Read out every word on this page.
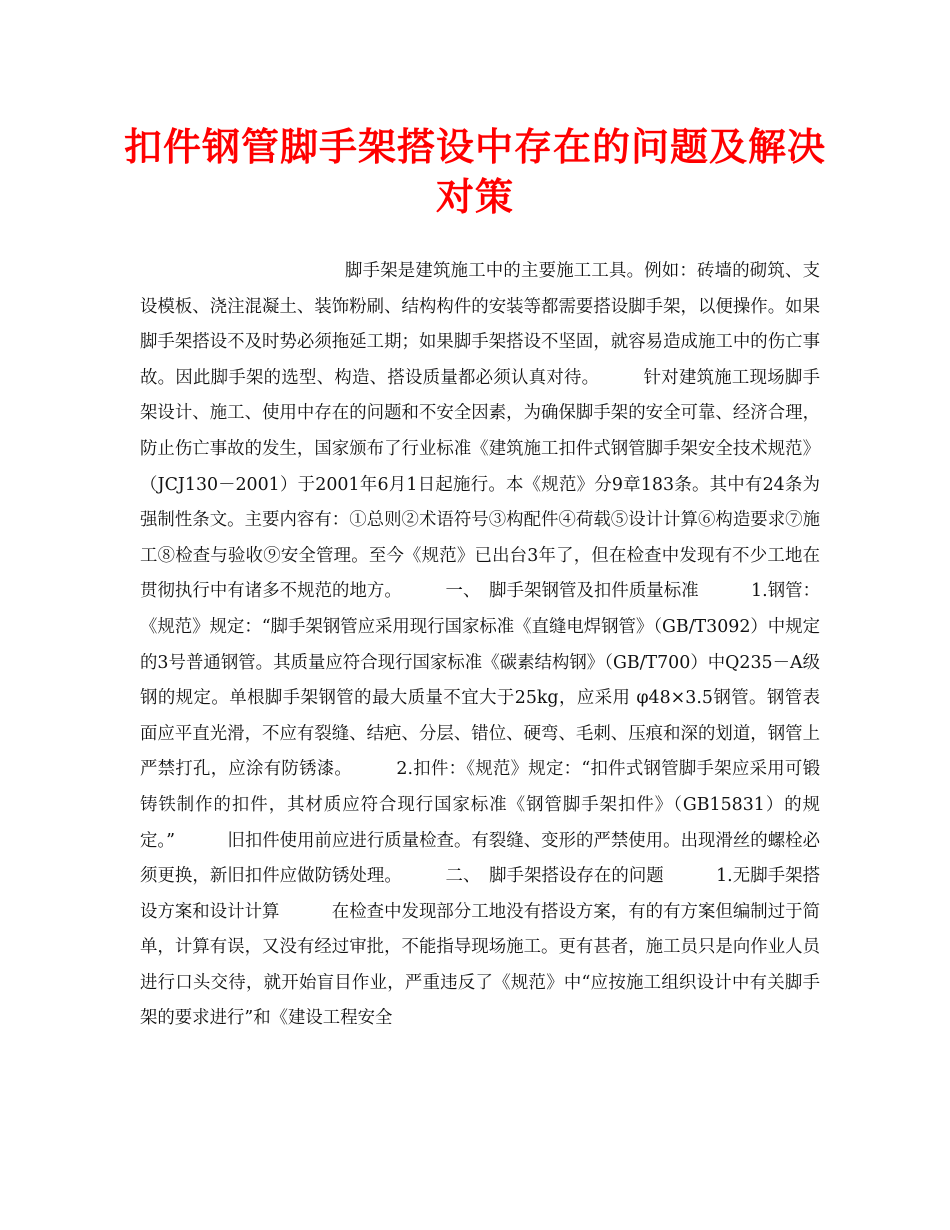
扣件钢管脚手架搭设中存在的问题及解决对策

脚手架是建筑施工中的主要施工工具。例如：砖墙的砌筑、支设模板、浇注混凝土、装饰粉刷、结构构件的安装等都需要搭设脚手架，以便操作。如果脚手架搭设不及时势必须拖延工期；如果脚手架搭设不坚固，就容易造成施工中的伤亡事故。因此脚手架的选型、构造、搭设质量都必须认真对待。　　　针对建筑施工现场脚手架设计、施工、使用中存在的问题和不安全因素，为确保脚手架的安全可靠、经济合理，防止伤亡事故的发生，国家颁布了行业标准《建筑施工扣件式钢管脚手架安全技术规范》（JCJ130－2001）于2001年6月1日起施行。本《规范》分9章183条。其中有24条为强制性条文。主要内容有：①总则②术语符号③构配件④荷载⑤设计计算⑥构造要求⑦施工⑧检查与验收⑨安全管理。至今《规范》已出台3年了，但在检查中发现有不少工地在贯彻执行中有诸多不规范的地方。　　　一、　脚手架钢管及扣件质量标准　　　1.钢管：《规范》规定：“脚手架钢管应采用现行国家标准《直缝电焊钢管》（GB/T3092）中规定的3号普通钢管。其质量应符合现行国家标准《碳素结构钢》（GB/T700）中Q235－A级钢的规定。单根脚手架钢管的最大质量不宜大于25kg，应采用 φ48×3.5钢管。钢管表面应平直光滑，不应有裂缝、结疤、分层、错位、硬弯、毛刺、压痕和深的划道，钢管上严禁打孔，应涂有防锈漆。　　　2.扣件：《规范》规定：“扣件式钢管脚手架应采用可锻铸铁制作的扣件，其材质应符合现行国家标准《钢管脚手架扣件》（GB15831）的规定。”　　　旧扣件使用前应进行质量检查。有裂缝、变形的严禁使用。出现滑丝的螺栓必须更换，新旧扣件应做防锈处理。　　　二、　脚手架搭设存在的问题　　　1.无脚手架搭设方案和设计计算　　　在检查中发现部分工地没有搭设方案，有的有方案但编制过于简单，计算有误，又没有经过审批，不能指导现场施工。更有甚者，施工员只是向作业人员进行口头交待，就开始盲目作业，严重违反了《规范》中“应按施工组织设计中有关脚手架的要求进行”和《建设工程安全
